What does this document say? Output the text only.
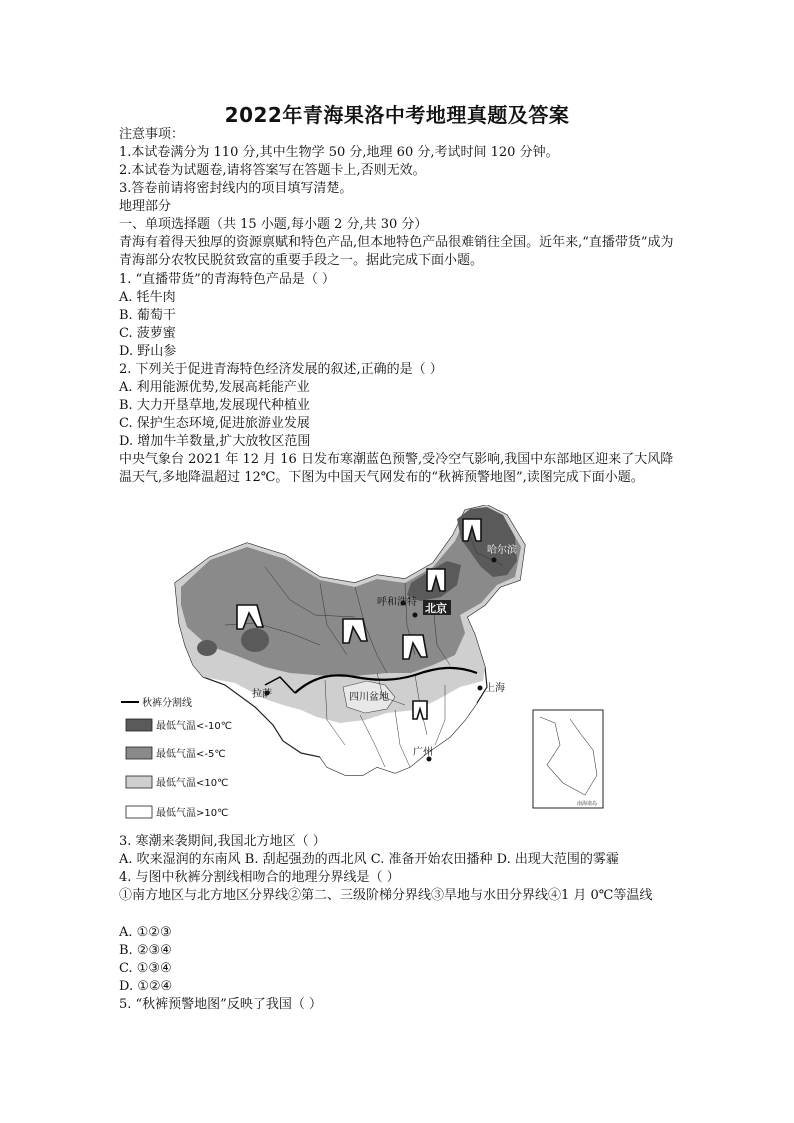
2022年青海果洛中考地理真题及答案
注意事项：
1.本试卷满分为 110 分,其中生物学 50 分,地理 60 分,考试时间 120 分钟。
2.本试卷为试题卷,请将答案写在答题卡上,否则无效。
3.答卷前请将密封线内的项目填写清楚。
地理部分
一、单项选择题（共 15 小题,每小题 2 分,共 30 分）
青海有着得天独厚的资源禀赋和特色产品,但本地特色产品很难销往全国。近年来,“直播带货”成为青海部分农牧民脱贫致富的重要手段之一。据此完成下面小题。
1. “直播带货”的青海特色产品是（ ）
A. 牦牛肉
B. 葡萄干
C. 菠萝蜜
D. 野山参
2. 下列关于促进青海特色经济发展的叙述,正确的是（ ）
A. 利用能源优势,发展高耗能产业
B. 大力开垦草地,发展现代种植业
C. 保护生态环境,促进旅游业发展
D. 增加牛羊数量,扩大放牧区范围
中央气象台 2021 年 12 月 16 日发布寒潮蓝色预警,受冷空气影响,我国中东部地区迎来了大风降温天气,多地降温超过 12℃。下图为中国天气网发布的“秋裤预警地图”,读图完成下面小题。
哈尔滨
呼和浩特 北京
拉萨	四川盆地
上海
广州
南海诸岛
秋裤分割线
最低气温<-10℃
最低气温<-5℃
最低气温<10℃
最低气温>10℃
3. 寒潮来袭期间,我国北方地区（ ）
A. 吹来湿润的东南风 B. 刮起强劲的西北风 C. 准备开始农田播种 D. 出现大范围的雾霾
4. 与图中秋裤分割线相吻合的地理分界线是（ ）
①南方地区与北方地区分界线②第二、三级阶梯分界线③旱地与水田分界线④1 月 0℃等温线
A. ①②③
B. ②③④
C. ①③④
D. ①②④
5. “秋裤预警地图”反映了我国（ ）
